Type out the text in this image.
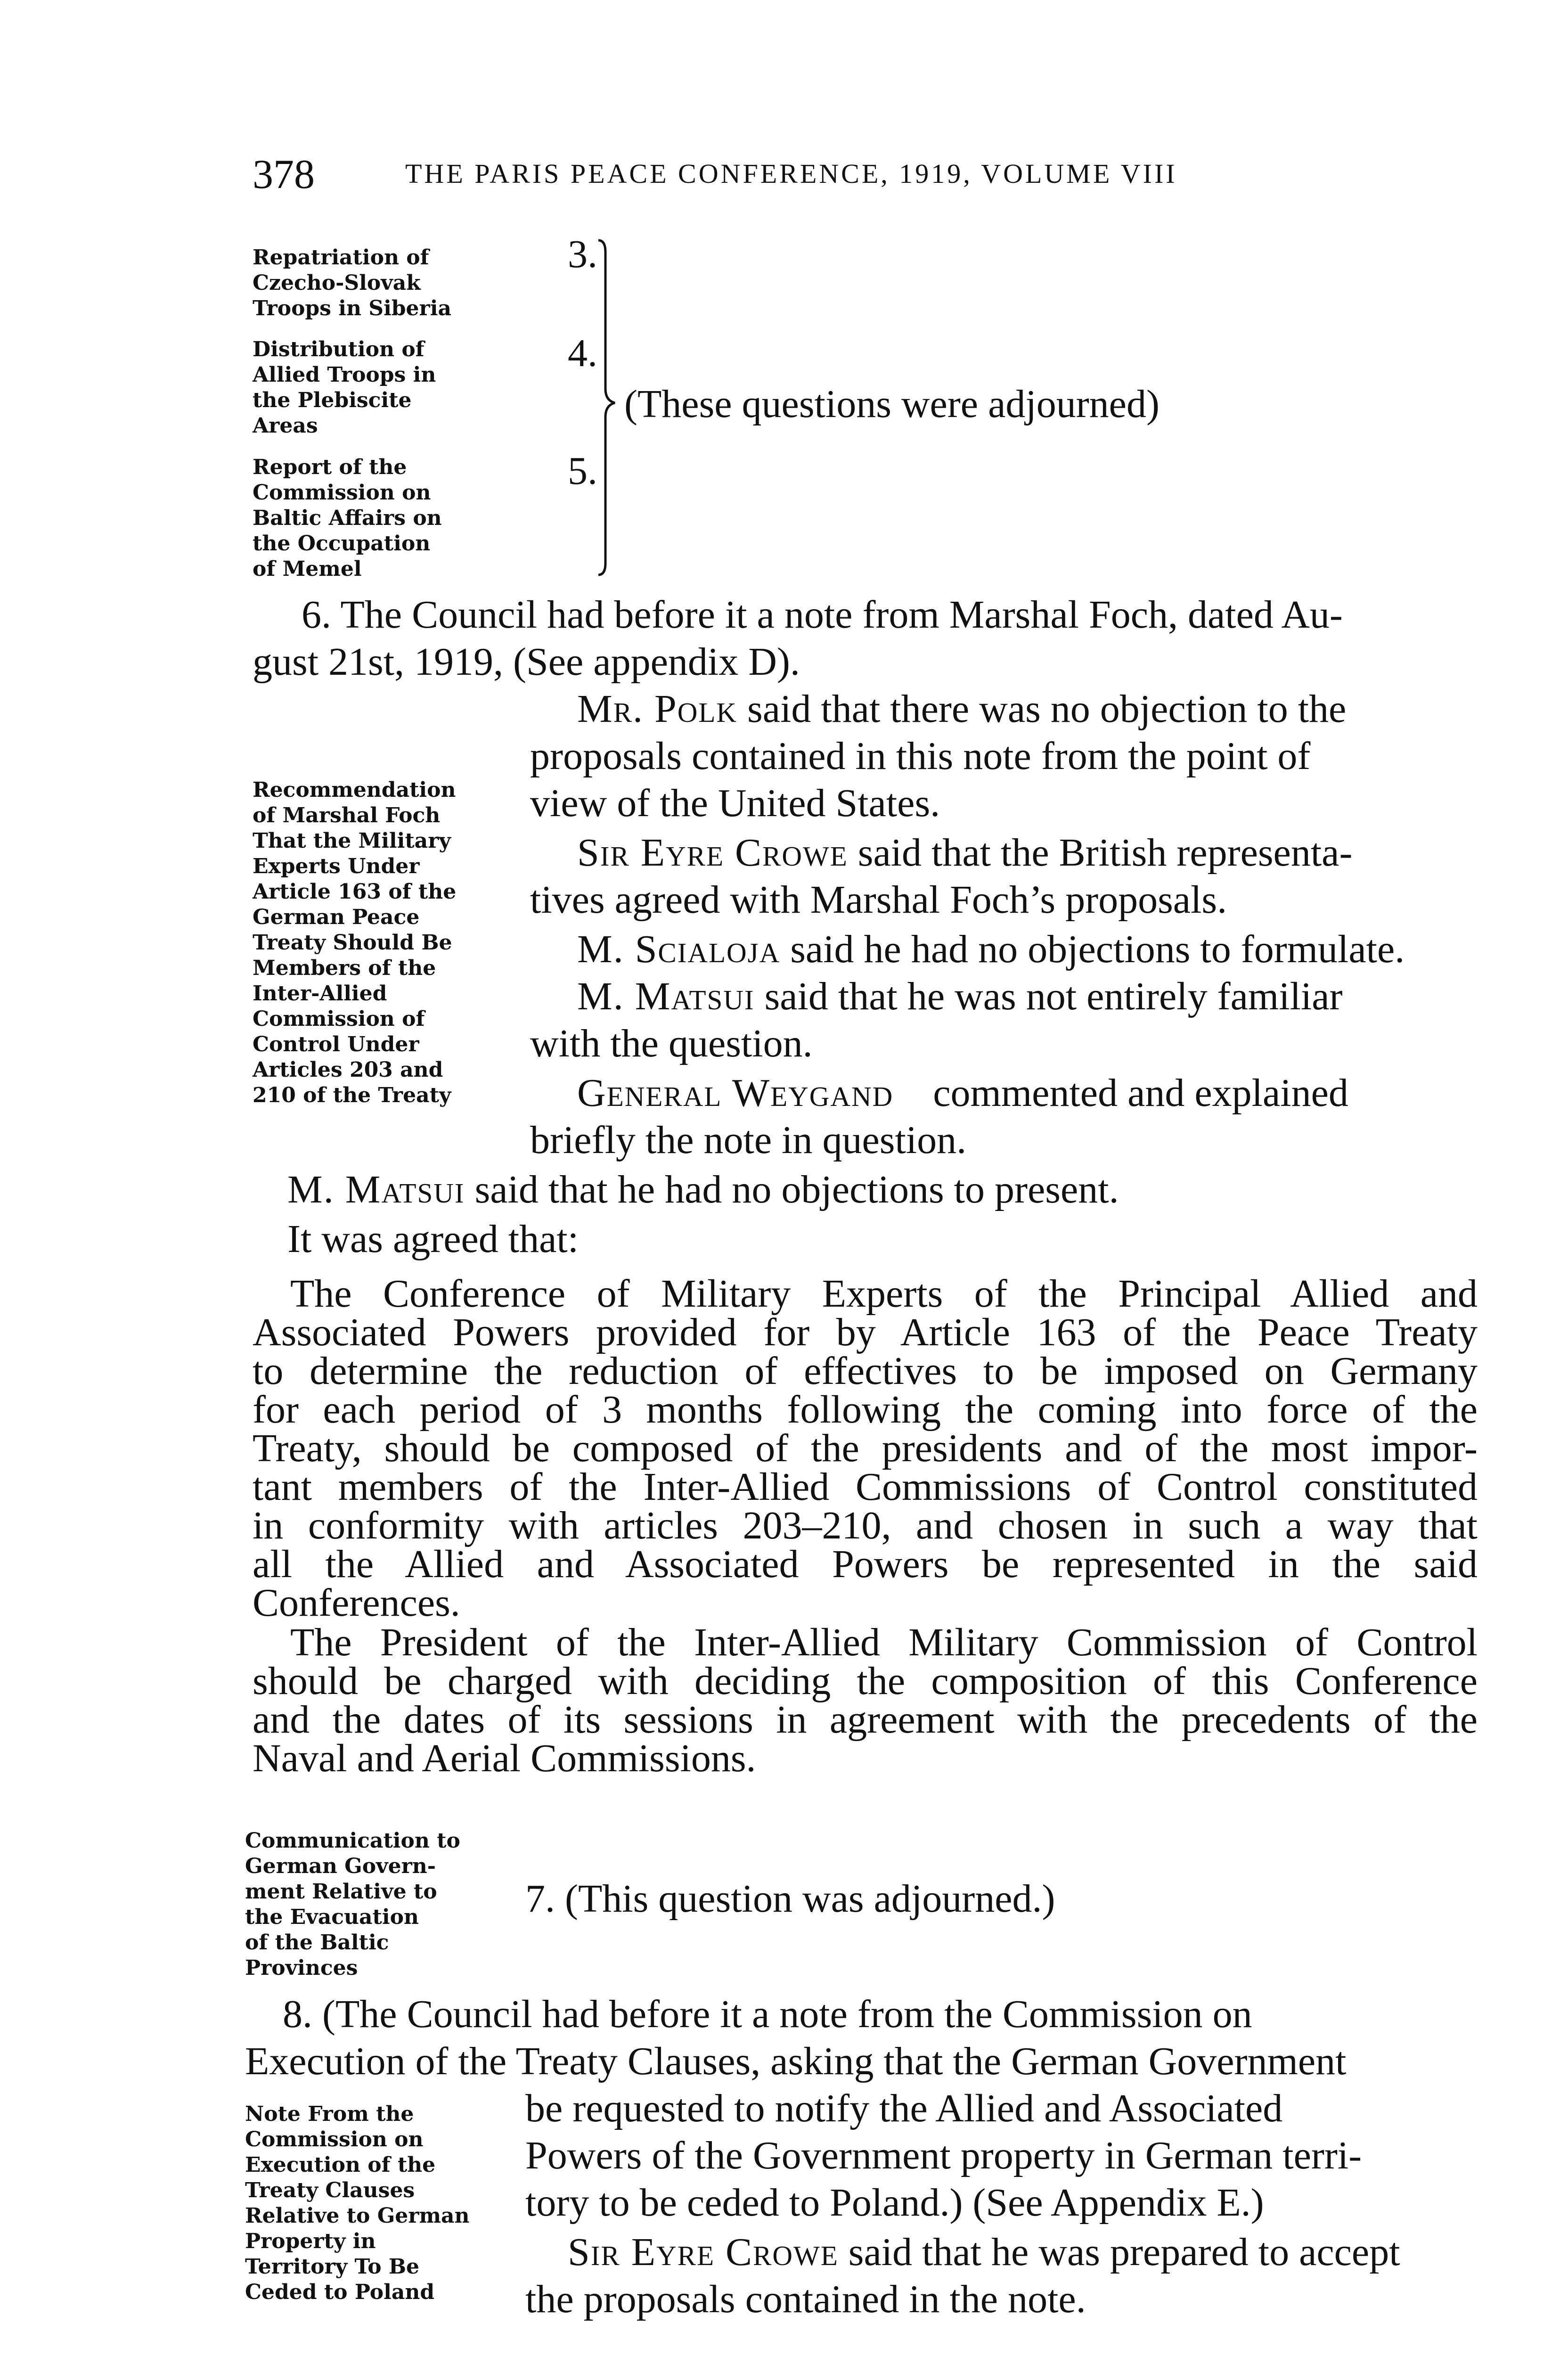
378	THE PARIS PEACE CONFERENCE, 1919, VOLUME VIII
Repatriation of
Czecho-Slovak
Troops in Siberia
Distribution of
Allied Troops in
the Plebiscite
Areas
Report of the
Commission on
Baltic Affairs on
the Occupation
of Memel
3.
4.
5.
(These questions were adjourned)
6. The Council had before it a note from Marshal Foch, dated Au-
gust 21st, 1919, (See appendix D).
Recommendation
of Marshal Foch
That the Military
Experts Under
Article 163 of the
German Peace
Treaty Should Be
Members of the
Inter-Allied
Commission of
Control Under
Articles 203 and
210 of the Treaty
Mr. Polk said that there was no objection to the
proposals contained in this note from the point of
view of the United States.
Sir Eyre Crowe said that the British representa-
tives agreed with Marshal Foch’s proposals.
M. Scialoja said he had no objections to formulate.
M. Matsui said that he was not entirely familiar
with the question.
General Weygand commented and explained
briefly the note in question.
M. Matsui said that he had no objections to present.
It was agreed that:
The Conference of Military Experts of the Principal Allied and
Associated Powers provided for by Article 163 of the Peace Treaty
to determine the reduction of effectives to be imposed on Germany
for each period of 3 months following the coming into force of the
Treaty, should be composed of the presidents and of the most impor-
tant members of the Inter-Allied Commissions of Control constituted
in conformity with articles 203–210, and chosen in such a way that
all the Allied and Associated Powers be represented in the said
Conferences.
The President of the Inter-Allied Military Commission of Control
should be charged with deciding the composition of this Conference
and the dates of its sessions in agreement with the precedents of the
Naval and Aerial Commissions.
Communication to
German Govern-
ment Relative to
the Evacuation
of the Baltic
Provinces
7. (This question was adjourned.)
8. (The Council had before it a note from the Commission on
Execution of the Treaty Clauses, asking that the German Government
Note From the
Commission on
Execution of the
Treaty Clauses
Relative to German
Property in
Territory To Be
Ceded to Poland
be requested to notify the Allied and Associated
Powers of the Government property in German terri-
tory to be ceded to Poland.) (See Appendix E.)
Sir Eyre Crowe said that he was prepared to accept
the proposals contained in the note.
